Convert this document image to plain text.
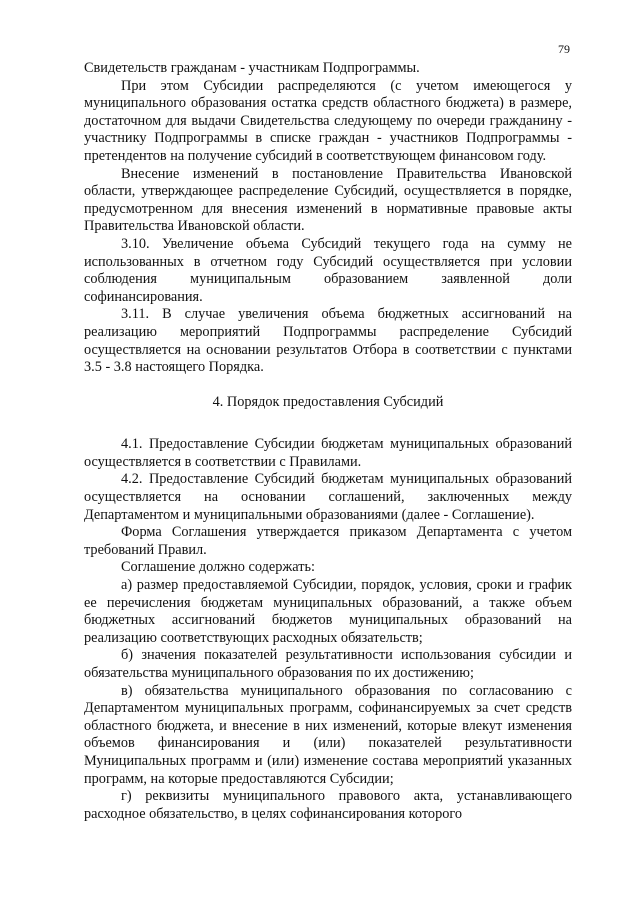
79

Свидетельств гражданам - участникам Подпрограммы.

При этом Субсидии распределяются (с учетом имеющегося у муниципального образования остатка средств областного бюджета) в размере, достаточном для выдачи Свидетельства следующему по очереди гражданину - участнику Подпрограммы в списке граждан - участников Подпрограммы - претендентов на получение субсидий в соответствующем финансовом году.

Внесение изменений в постановление Правительства Ивановской области, утверждающее распределение Субсидий, осуществляется в порядке, предусмотренном для внесения изменений в нормативные правовые акты Правительства Ивановской области.

3.10. Увеличение объема Субсидий текущего года на сумму не использованных в отчетном году Субсидий осуществляется при условии соблюдения муниципальным образованием заявленной доли софинансирования.

3.11. В случае увеличения объема бюджетных ассигнований на реализацию мероприятий Подпрограммы распределение Субсидий осуществляется на основании результатов Отбора в соответствии с пунктами 3.5 - 3.8 настоящего Порядка.

4. Порядок предоставления Субсидий

4.1. Предоставление Субсидии бюджетам муниципальных образований осуществляется в соответствии с Правилами.

4.2. Предоставление Субсидий бюджетам муниципальных образований осуществляется на основании соглашений, заключенных между Департаментом и муниципальными образованиями (далее - Соглашение).

Форма Соглашения утверждается приказом Департамента с учетом требований Правил.

Соглашение должно содержать:

а) размер предоставляемой Субсидии, порядок, условия, сроки и график ее перечисления бюджетам муниципальных образований, а также объем бюджетных ассигнований бюджетов муниципальных образований на реализацию соответствующих расходных обязательств;

б) значения показателей результативности использования субсидии и обязательства муниципального образования по их достижению;

в) обязательства муниципального образования по согласованию с Департаментом муниципальных программ, софинансируемых за счет средств областного бюджета, и внесение в них изменений, которые влекут изменения объемов финансирования и (или) показателей результативности Муниципальных программ и (или) изменение состава мероприятий указанных программ, на которые предоставляются Субсидии;

г) реквизиты муниципального правового акта, устанавливающего расходное обязательство, в целях софинансирования которого
